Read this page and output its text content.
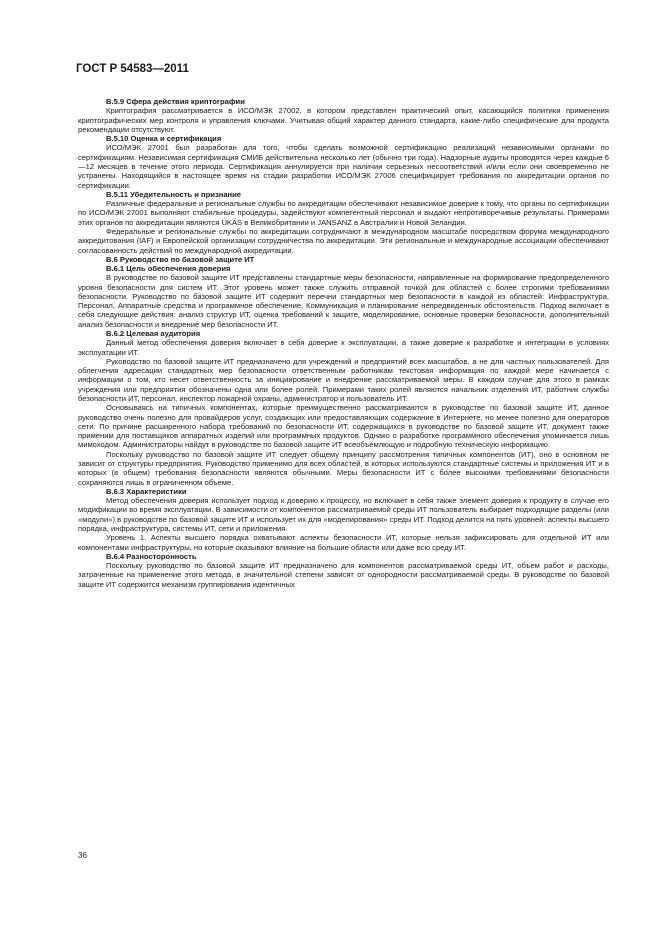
ГОСТ Р 54583—2011

B.5.9 Сфера действия криптографии

Криптография рассматривается в ИСО/МЭК 27002, в котором представлен практический опыт, касающийся политики применения криптографических мер контроля и управления ключами. Учитывая общий характер данного стандарта, какие-либо специфические для продукта рекомендации отсутствуют.

B.5.10 Оценка и сертификация

ИСО/МЭК 27001 был разработан для того, чтобы сделать возможной сертификацию реализаций независимыми органами по сертификациям. Независимая сертификация СМИБ действительна несколько лет (обычно три года). Надзорные аудиты проводятся через каждые 6—12 месяцев в течение этого периода. Сертификация аннулируется при наличии серьезных несоответствий и/или если они своевременно не устранены. Находящийся в настоящее время на стадии разработки ИСО/МЭК 27006 специфицирует требования по аккредитации органов по сертификации.

B.5.11 Убедительность и признание

Различные федеральные и региональные службы по аккредитации обеспечивают независимое доверие к тому, что органы по сертификации по ИСО/МЭК 27001 выполняют стабильные процедуры, задействуют компетентный персонал и выдают непротиворечивые результаты. Примерами этих органов по аккредитации являются UKAS в Великобритании и JANSANZ в Австралии и Новой Зеландии.

Федеральные и региональные службы по аккредитации сотрудничают в международном масштабе посредством форума международного аккредитования (IAF) и Европейской организации сотрудничества по аккредитации. Эти региональные и международные ассоциации обеспечивают согласованность действий по международной аккредитации.

B.6 Руководство по базовой защите ИТ

B.6.1 Цель обеспечения доверия

В руководстве по базовой защите ИТ представлены стандартные меры безопасности, направленные на формирование предопределенного уровня безопасности для систем ИТ. Этот уровень может также служить отправной точкой для областей с более строгими требованиями безопасности. Руководство по базовой защите ИТ содержит перечни стандартных мер безопасности в каждой из областей: Инфраструктура, Персонал, Аппаратные средства и программное обеспечение, Коммуникация и планирование непредвиденных обстоятельств. Подход включает в себя следующие действия: анализ структур ИТ, оценка требований к защите, моделирование, основные проверки безопасности, дополнительный анализ безопасности и внедрение мер безопасности ИТ.

B.6.2 Целевая аудитория

Данный метод обеспечения доверия включает в себя доверие к эксплуатации, а также доверие к разработке и интеграции в условиях эксплуатации ИТ.

Руководство по базовой защите ИТ предназначено для учреждений и предприятий всех масштабов, а не для частных пользователей. Для облегчения адресации стандартных мер безопасности ответственным работникам текстовая информация по каждой мере начинается с информации о том, кто несет ответственность за инициирование и внедрение рассматриваемой меры. В каждом случае для этого в рамках учреждения или предприятия обозначены одна или более ролей. Примерами таких ролей являются начальник отделения ИТ, работник службы безопасности ИТ, персонал, инспектор пожарной охраны, администратор и пользователь ИТ.

Основываясь на типичных компонентах, которые преимущественно рассматриваются в руководстве по базовой защите ИТ, данное руководство очень полезно для провайдеров услуг, создающих или предоставляющих содержание в Интернете, но менее полезно для операторов сети. По причине расширенного набора требований по безопасности ИТ, содержащихся в руководстве по базовой защите ИТ, документ также применим для поставщиков аппаратных изделий или программных продуктов. Однако о разработке программного обеспечения упоминается лишь мимоходом. Администраторы найдут в руководстве по базовой защите ИТ всеобъемлющую и подробную техническую информацию.

Поскольку руководство по базовой защите ИТ следует общему принципу рассмотрения типичных компонентов (ИТ), оно в основном не зависит от структуры предприятия. Руководство применимо для всех областей, в которых используются стандартные системы и приложения ИТ и в которых (в общем) требования безопасности являются обычными. Меры безопасности ИТ с более высокими требованиями безопасности сохраняются лишь в ограниченном объеме.

B.6.3 Характеристики

Метод обеспечения доверия использует подход к доверию к процессу, но включает в себя также элемент доверия к продукту в случае его модификации во время эксплуатации. В зависимости от компонентов рассматриваемой среды ИТ пользователь выбирает подходящие разделы (или «модули») в руководстве по базовой защите ИТ и использует их для «моделирования» среды ИТ. Подход делится на пять уровней: аспекты высшего порядка, инфраструктура, системы ИТ, сети и приложения.

Уровень 1. Аспекты высшего порядка охватывают аспекты безопасности ИТ, которые нельзя зафиксировать для отдельной ИТ или компонентами инфраструктуры, но которые оказывают влияние на большие области или даже всю среду ИТ.

B.6.4 Разносторонность

Поскольку руководство по базовой защите ИТ предназначено для компонентов рассматриваемой среды ИТ, объем работ и расходы, затраченные на применение этого метода, в значительной степени зависят от однородности рассматриваемой среды. В руководстве по базовой защите ИТ содержится механизм группирования идентичных

36
